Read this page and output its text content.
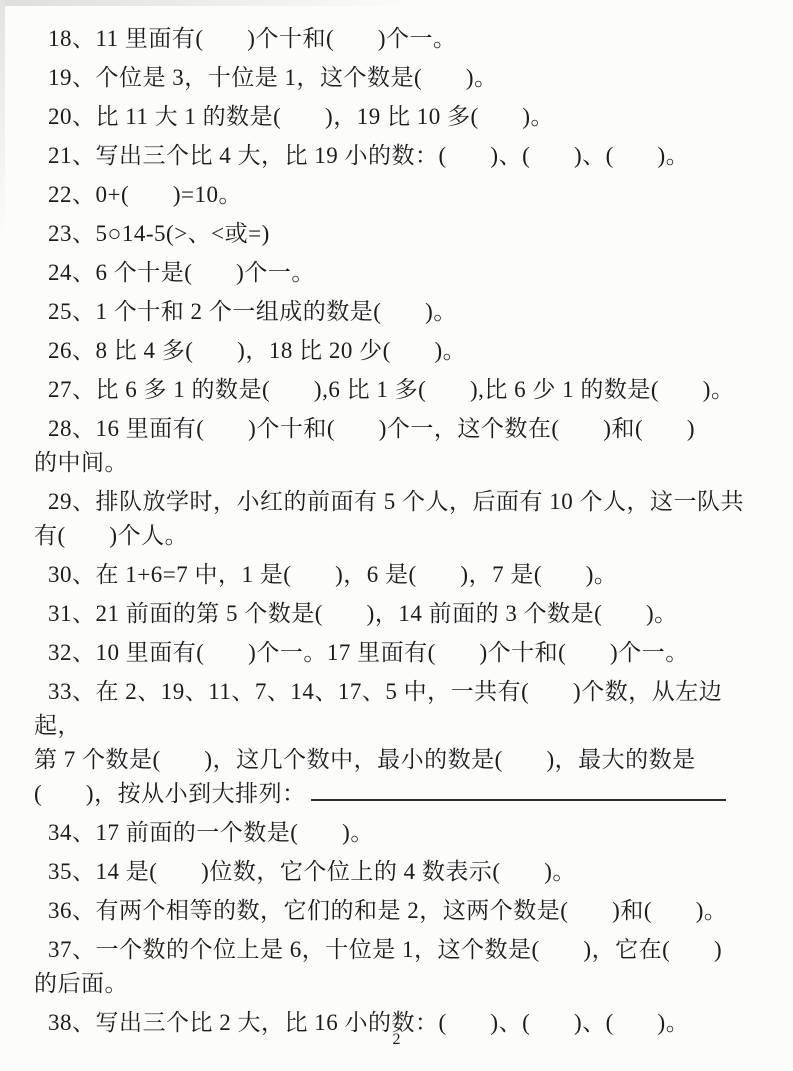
18、11 里面有(       )个十和(       )个一。
19、个位是 3，十位是 1，这个数是(       )。
20、比 11 大 1 的数是(       )，19 比 10 多(       )。
21、写出三个比 4 大，比 19 小的数：(       )、(       )、(       )。
22、0+(       )=10。
23、5○14-5(>、<或=)
24、6 个十是(       )个一。
25、1 个十和 2 个一组成的数是(       )。
26、8 比 4 多(       )，18 比 20 少(       )。
27、比 6 多 1 的数是(       ),6 比 1 多(       ),比 6 少 1 的数是(       )。
28、16 里面有(       )个十和(       )个一，这个数在(       )和(       )
的中间。
29、排队放学时，小红的前面有 5 个人，后面有 10 个人，这一队共
有(       )个人。
30、在 1+6=7 中，1 是(       )，6 是(       )，7 是(       )。
31、21 前面的第 5 个数是(       )，14 前面的 3 个数是(       )。
32、10 里面有(       )个一。17 里面有(       )个十和(       )个一。
33、在 2、19、11、7、14、17、5 中，一共有(       )个数，从左边起，
第 7 个数是(       )，这几个数中，最小的数是(       )，最大的数是
(       )，按从小到大排列：
34、17 前面的一个数是(       )。
35、14 是(       )位数，它个位上的 4 数表示(       )。
36、有两个相等的数，它们的和是 2，这两个数是(       )和(       )。
37、一个数的个位上是 6，十位是 1，这个数是(       )，它在(       )
的后面。
38、写出三个比 2 大，比 16 小的数：(       )、(       )、(       )。
2
